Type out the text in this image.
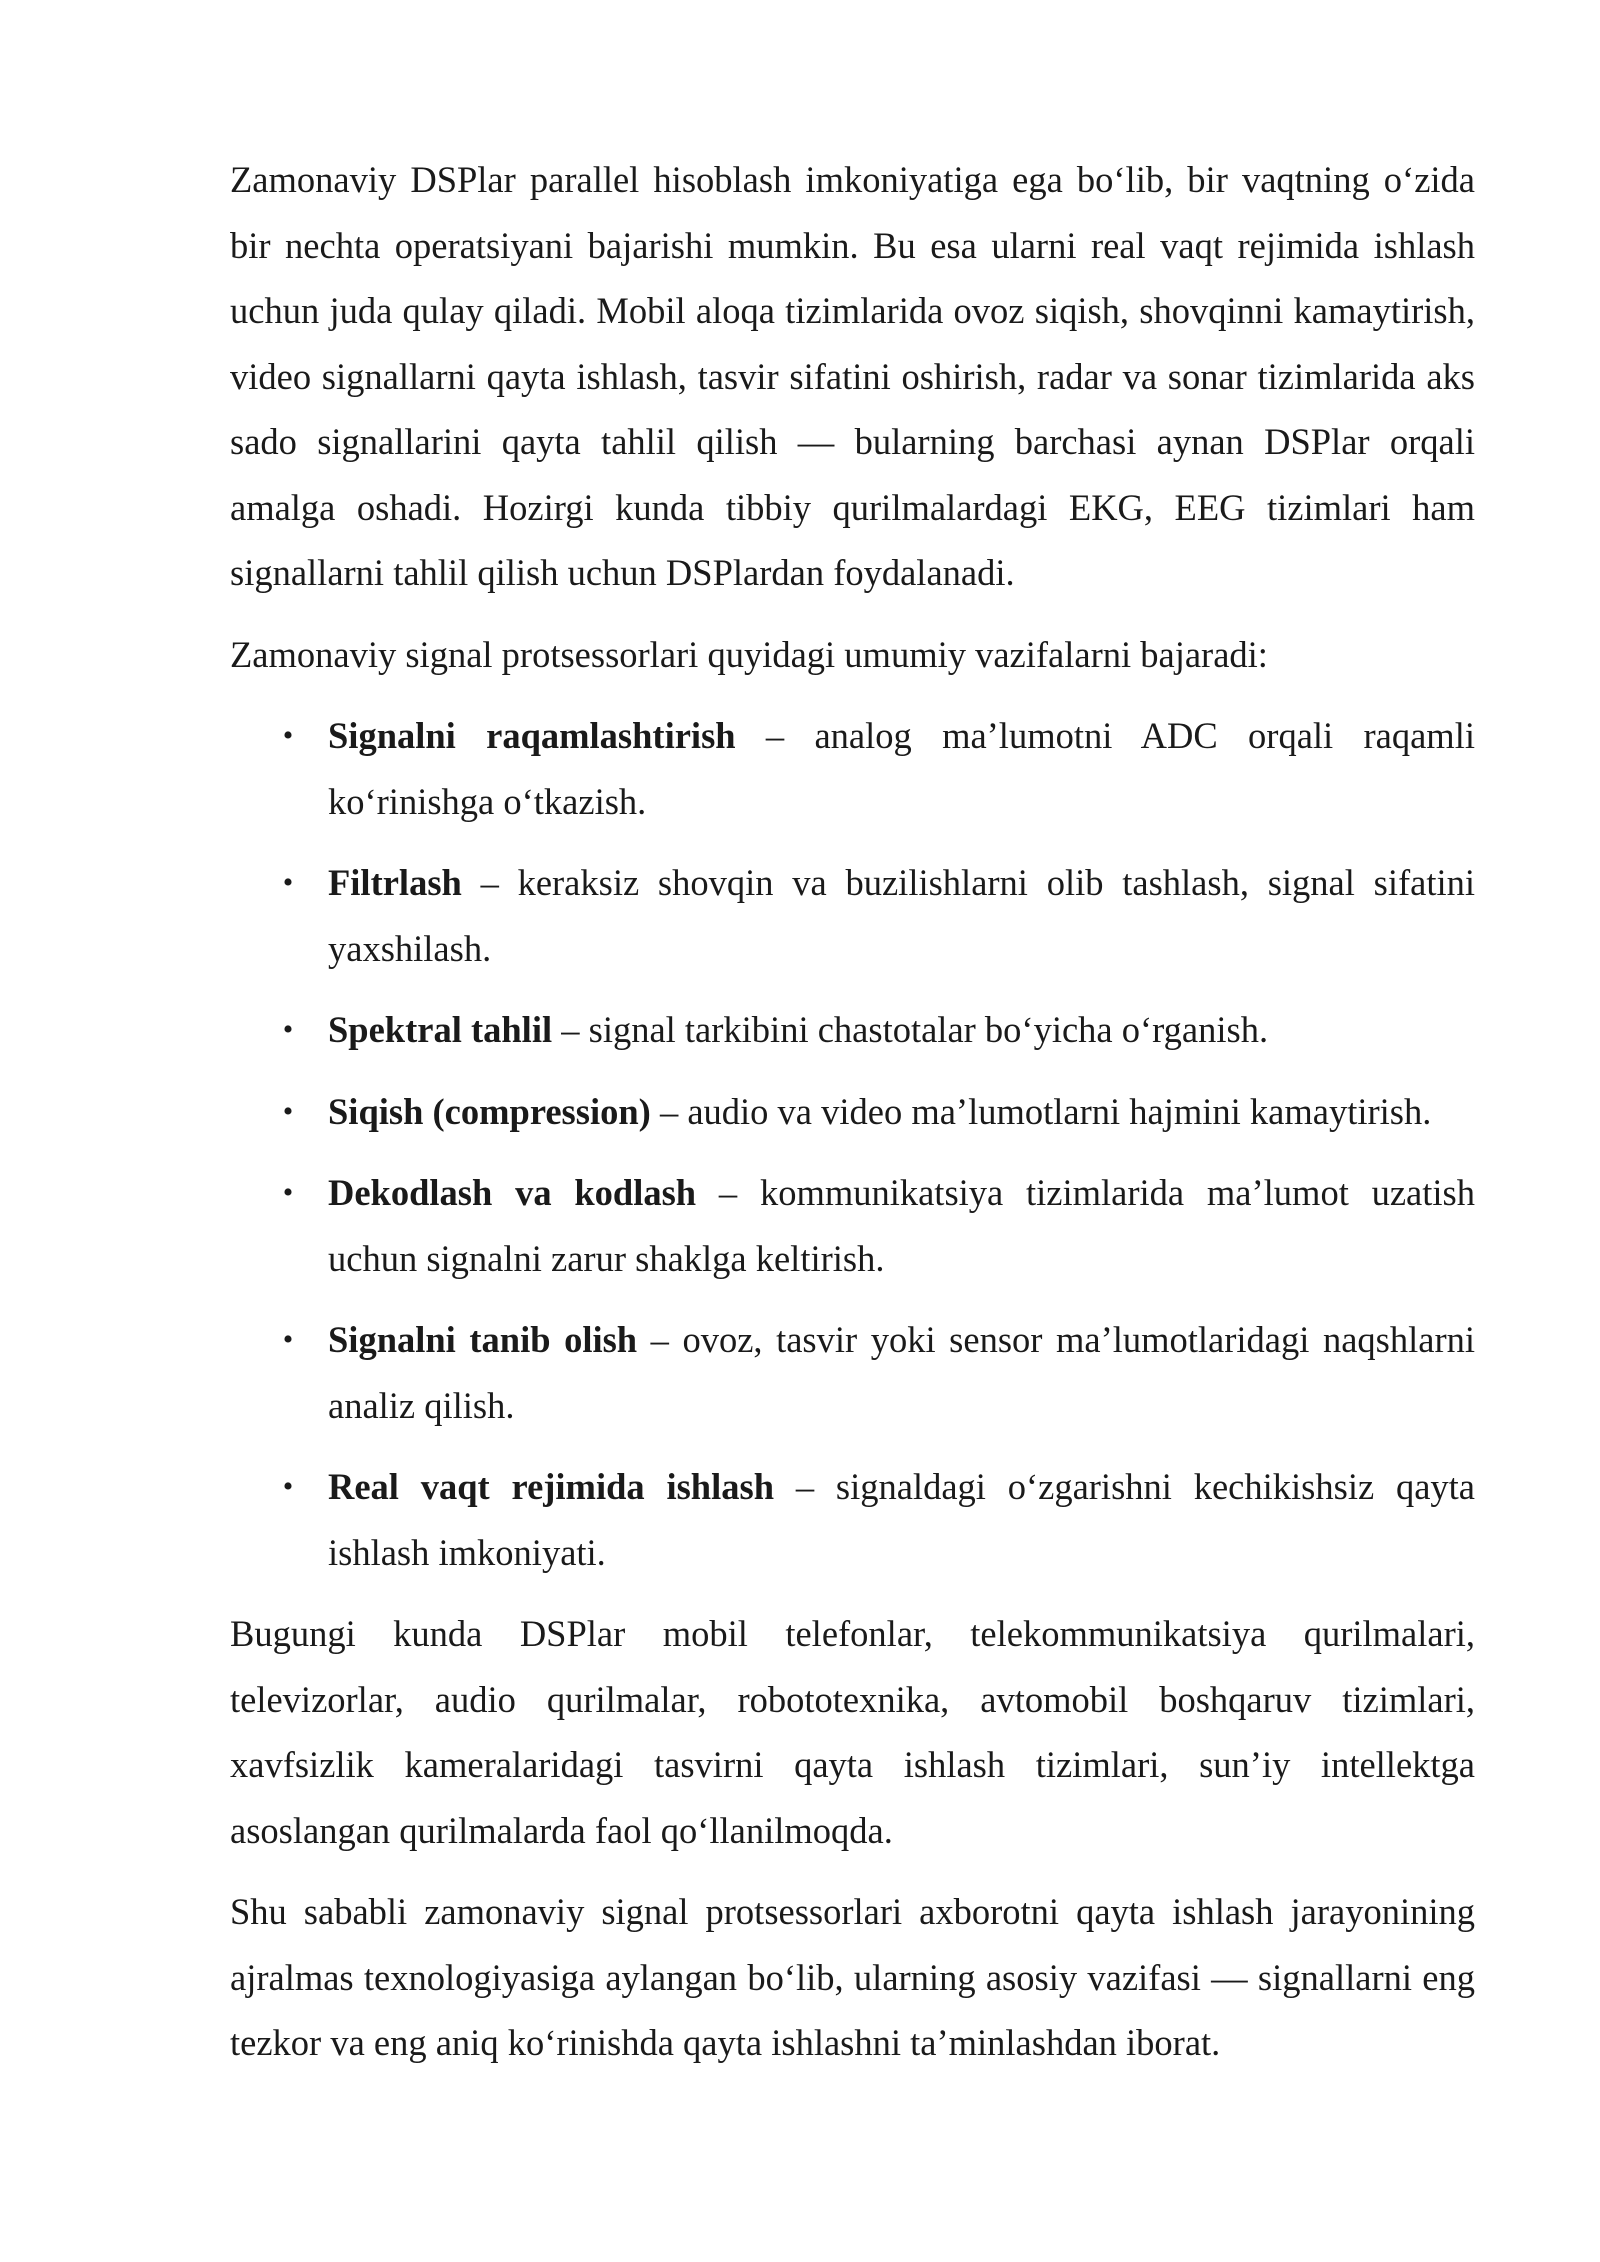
Zamonaviy DSPlar parallel hisoblash imkoniyatiga ega bo‘lib, bir vaqtning o‘zida bir nechta operatsiyani bajarishi mumkin. Bu esa ularni real vaqt rejimida ishlash uchun juda qulay qiladi. Mobil aloqa tizimlarida ovoz siqish, shovqinni kamaytirish, video signallarni qayta ishlash, tasvir sifatini oshirish, radar va sonar tizimlarida aks sado signallarini qayta tahlil qilish — bularning barchasi aynan DSPlar orqali amalga oshadi. Hozirgi kunda tibbiy qurilmalardagi EKG, EEG tizimlari ham signallarni tahlil qilish uchun DSPlardan foydalanadi.

Zamonaviy signal protsessorlari quyidagi umumiy vazifalarni bajaradi:

• Signalni raqamlashtirish – analog ma’lumotni ADC orqali raqamli ko‘rinishga o‘tkazish.
• Filtrlash – keraksiz shovqin va buzilishlarni olib tashlash, signal sifatini yaxshilash.
• Spektral tahlil – signal tarkibini chastotalar bo‘yicha o‘rganish.
• Siqish (compression) – audio va video ma’lumotlarni hajmini kamaytirish.
• Dekodlash va kodlash – kommunikatsiya tizimlarida ma’lumot uzatish uchun signalni zarur shaklga keltirish.
• Signalni tanib olish – ovoz, tasvir yoki sensor ma’lumotlaridagi naqshlarni analiz qilish.
• Real vaqt rejimida ishlash – signaldagi o‘zgarishni kechikishsiz qayta ishlash imkoniyati.

Bugungi kunda DSPlar mobil telefonlar, telekommunikatsiya qurilmalari, televizorlar, audio qurilmalar, robototexnika, avtomobil boshqaruv tizimlari, xavfsizlik kameralaridagi tasvirni qayta ishlash tizimlari, sun’iy intellektga asoslangan qurilmalarda faol qo‘llanilmoqda.

Shu sababli zamonaviy signal protsessorlari axborotni qayta ishlash jarayonining ajralmas texnologiyasiga aylangan bo‘lib, ularning asosiy vazifasi — signallarni eng tezkor va eng aniq ko‘rinishda qayta ishlashni ta’minlashdan iborat.
